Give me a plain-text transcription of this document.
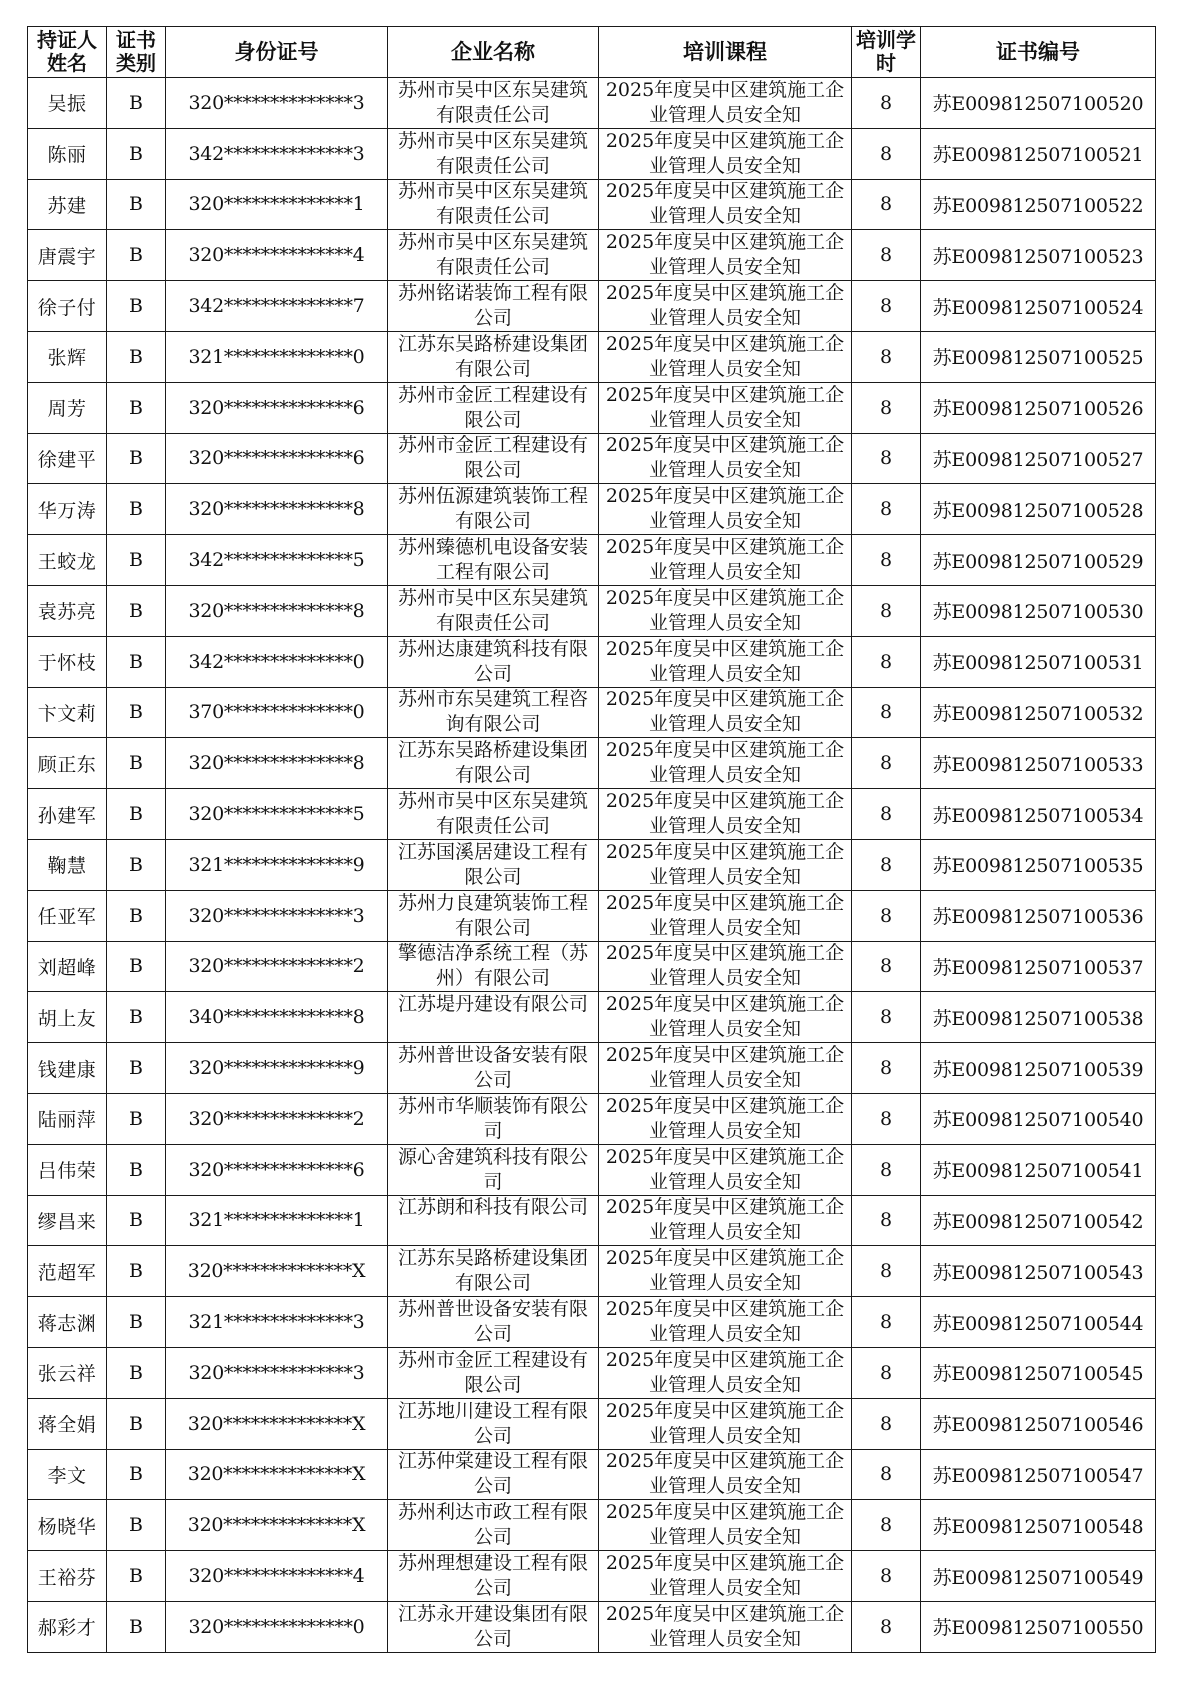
持证人姓名	证书类别	身份证号	企业名称	培训课程	培训学时	证书编号
吴振	B	320**************3	苏州市吴中区东吴建筑有限责任公司	2025年度吴中区建筑施工企业管理人员安全知	8	苏E009812507100520
陈丽	B	342**************3	苏州市吴中区东吴建筑有限责任公司	2025年度吴中区建筑施工企业管理人员安全知	8	苏E009812507100521
苏建	B	320**************1	苏州市吴中区东吴建筑有限责任公司	2025年度吴中区建筑施工企业管理人员安全知	8	苏E009812507100522
唐震宇	B	320**************4	苏州市吴中区东吴建筑有限责任公司	2025年度吴中区建筑施工企业管理人员安全知	8	苏E009812507100523
徐子付	B	342**************7	苏州铭诺装饰工程有限公司	2025年度吴中区建筑施工企业管理人员安全知	8	苏E009812507100524
张辉	B	321**************0	江苏东吴路桥建设集团有限公司	2025年度吴中区建筑施工企业管理人员安全知	8	苏E009812507100525
周芳	B	320**************6	苏州市金匠工程建设有限公司	2025年度吴中区建筑施工企业管理人员安全知	8	苏E009812507100526
徐建平	B	320**************6	苏州市金匠工程建设有限公司	2025年度吴中区建筑施工企业管理人员安全知	8	苏E009812507100527
华万涛	B	320**************8	苏州伍源建筑装饰工程有限公司	2025年度吴中区建筑施工企业管理人员安全知	8	苏E009812507100528
王蛟龙	B	342**************5	苏州臻德机电设备安装工程有限公司	2025年度吴中区建筑施工企业管理人员安全知	8	苏E009812507100529
袁苏亮	B	320**************8	苏州市吴中区东吴建筑有限责任公司	2025年度吴中区建筑施工企业管理人员安全知	8	苏E009812507100530
于怀枝	B	342**************0	苏州达康建筑科技有限公司	2025年度吴中区建筑施工企业管理人员安全知	8	苏E009812507100531
卞文莉	B	370**************0	苏州市东吴建筑工程咨询有限公司	2025年度吴中区建筑施工企业管理人员安全知	8	苏E009812507100532
顾正东	B	320**************8	江苏东吴路桥建设集团有限公司	2025年度吴中区建筑施工企业管理人员安全知	8	苏E009812507100533
孙建军	B	320**************5	苏州市吴中区东吴建筑有限责任公司	2025年度吴中区建筑施工企业管理人员安全知	8	苏E009812507100534
鞠慧	B	321**************9	江苏国溪居建设工程有限公司	2025年度吴中区建筑施工企业管理人员安全知	8	苏E009812507100535
任亚军	B	320**************3	苏州力良建筑装饰工程有限公司	2025年度吴中区建筑施工企业管理人员安全知	8	苏E009812507100536
刘超峰	B	320**************2	擎德洁净系统工程（苏州）有限公司	2025年度吴中区建筑施工企业管理人员安全知	8	苏E009812507100537
胡上友	B	340**************8	江苏堤丹建设有限公司	2025年度吴中区建筑施工企业管理人员安全知	8	苏E009812507100538
钱建康	B	320**************9	苏州普世设备安装有限公司	2025年度吴中区建筑施工企业管理人员安全知	8	苏E009812507100539
陆丽萍	B	320**************2	苏州市华顺装饰有限公司	2025年度吴中区建筑施工企业管理人员安全知	8	苏E009812507100540
吕伟荣	B	320**************6	源心舍建筑科技有限公司	2025年度吴中区建筑施工企业管理人员安全知	8	苏E009812507100541
缪昌来	B	321**************1	江苏朗和科技有限公司	2025年度吴中区建筑施工企业管理人员安全知	8	苏E009812507100542
范超军	B	320**************X	江苏东吴路桥建设集团有限公司	2025年度吴中区建筑施工企业管理人员安全知	8	苏E009812507100543
蒋志渊	B	321**************3	苏州普世设备安装有限公司	2025年度吴中区建筑施工企业管理人员安全知	8	苏E009812507100544
张云祥	B	320**************3	苏州市金匠工程建设有限公司	2025年度吴中区建筑施工企业管理人员安全知	8	苏E009812507100545
蒋全娟	B	320**************X	江苏地川建设工程有限公司	2025年度吴中区建筑施工企业管理人员安全知	8	苏E009812507100546
李文	B	320**************X	江苏仲棠建设工程有限公司	2025年度吴中区建筑施工企业管理人员安全知	8	苏E009812507100547
杨晓华	B	320**************X	苏州利达市政工程有限公司	2025年度吴中区建筑施工企业管理人员安全知	8	苏E009812507100548
王裕芬	B	320**************4	苏州理想建设工程有限公司	2025年度吴中区建筑施工企业管理人员安全知	8	苏E009812507100549
郝彩才	B	320**************0	江苏永开建设集团有限公司	2025年度吴中区建筑施工企业管理人员安全知	8	苏E009812507100550
